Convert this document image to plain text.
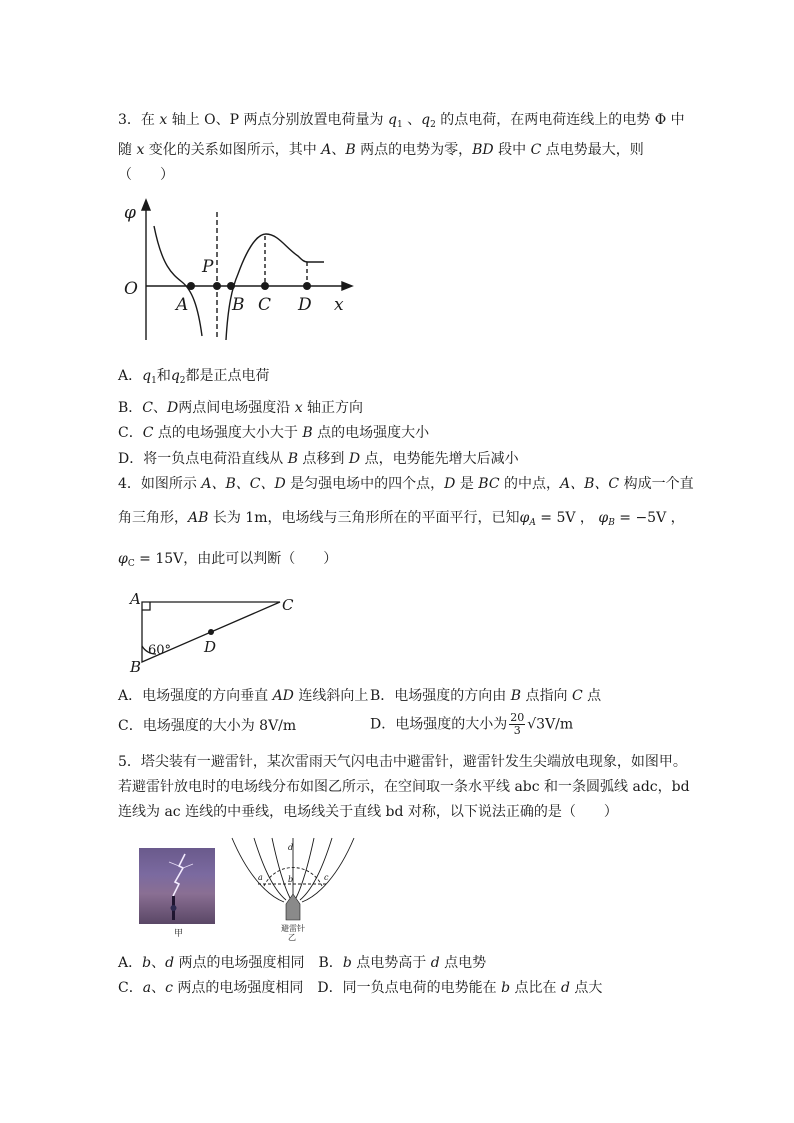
3．在 x 轴上 O、P 两点分别放置电荷量为 $q_1$ 、$q_2$ 的点电荷，在两电荷连线上的电势 Φ 中
随 x 变化的关系如图所示，其中 A、B 两点的电势为零，BD 段中 C 点电势最大，则
（　　）
φ
O
P
A	B C D x
A．$q_1$和$q_2$都是正点电荷
B．C、D两点间电场强度沿 x 轴正方向
C．C 点的电场强度大小大于 B 点的电场强度大小
D．将一负点电荷沿直线从 B 点移到 D 点，电势能先增大后减小
4．如图所示 A、B、C、D 是匀强电场中的四个点，D 是 BC 的中点，A、B、C 构成一个直
角三角形，AB 长为 1m，电场线与三角形所在的平面平行，已知$\varphi_A = 5V$ ， $\varphi_B = -5V$ ，
$\varphi_C = 15V$，由此可以判断（　　）
A
B
C
D
60°
A．电场强度的方向垂直 AD 连线斜向上 B．电场强度的方向由 B 点指向 C 点
C．电场强度的大小为 8V/m	D．电场强度的大小为 $\frac{20}{3} √3V/m$
5．塔尖装有一避雷针，某次雷雨天气闪电击中避雷针，避雷针发生尖端放电现象，如图甲。
若避雷针放电时的电场线分布如图乙所示，在空间取一条水平线 abc 和一条圆弧线 adc，bd
连线为 ac 连线的中垂线，电场线关于直线 bd 对称，以下说法正确的是（　　）
甲
a	b	c
d
避雷针
乙
A．b、d 两点的电场强度相同　B．b 点电势高于 d 点电势
C．a、c 两点的电场强度相同　D．同一负点电荷的电势能在 b 点比在 d 点大
